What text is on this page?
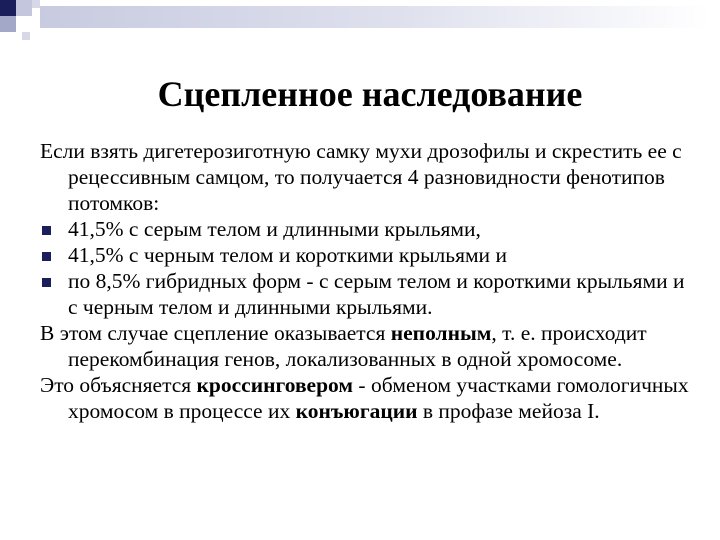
Сцепленное наследование

Если взять дигетерозиготную самку мухи дрозофилы и скрестить ее с рецессивным самцом, то получается 4 разновидности фенотипов потомков:

41,5% с серым телом и длинными крыльями,

41,5% с черным телом и короткими крыльями и

по 8,5% гибридных форм - с серым телом и короткими крыльями и с черным телом и длинными крыльями.

В этом случае сцепление оказывается неполным, т. е. происходит перекомбинация генов, локализованных в одной хромосоме.

Это объясняется кроссинговером - обменом участками гомологичных хромосом в процессе их конъюгации в профазе мейоза I.
